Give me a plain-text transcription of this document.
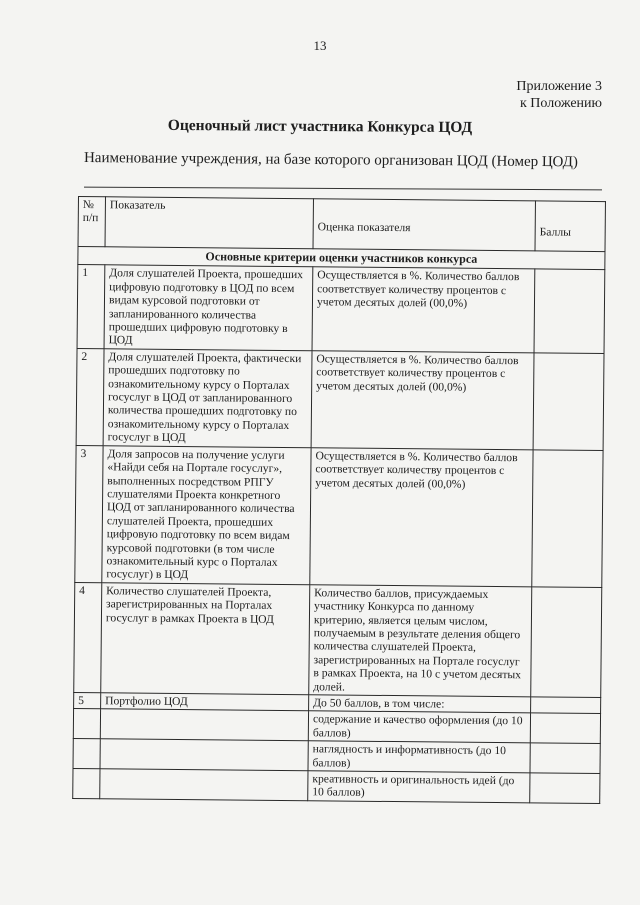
13
Приложение 3
к Положению
Оценочный лист участника Конкурса ЦОД
Наименование учреждения, на базе которого организован ЦОД (Номер ЦОД)
№ п/п	Показатель	Оценка показателя	Баллы
Основные критерии оценки участников конкурса			
1	Доля слушателей Проекта, прошедших цифровую подготовку в ЦОД по всем видам курсовой подготовки от запланированного количества прошедших цифровую подготовку в ЦОД	Осуществляется в %. Количество баллов соответствует количеству процентов с учетом десятых долей (00,0%)	
2	Доля слушателей Проекта, фактически прошедших подготовку по ознакомительному курсу о Порталах госуслуг в ЦОД от запланированного количества прошедших подготовку по ознакомительному курсу о Порталах госуслуг в ЦОД	Осуществляется в %. Количество баллов соответствует количеству процентов с учетом десятых долей (00,0%)	
3	Доля запросов на получение услуги «Найди себя на Портале госуслуг», выполненных посредством РПГУ слушателями Проекта конкретного ЦОД от запланированного количества слушателей Проекта, прошедших цифровую подготовку по всем видам курсовой подготовки (в том числе ознакомительный курс о Порталах госуслуг) в ЦОД	Осуществляется в %. Количество баллов соответствует количеству процентов с учетом десятых долей (00,0%)	
4	Количество слушателей Проекта, зарегистрированных на Порталах госуслуг в рамках Проекта в ЦОД	Количество баллов, присуждаемых участнику Конкурса по данному критерию, является целым числом, получаемым в результате деления общего количества слушателей Проекта, зарегистрированных на Портале госуслуг в рамках Проекта, на 10 с учетом десятых долей.	
5	Портфолио ЦОД	До 50 баллов, в том числе:	
		содержание и качество оформления (до 10 баллов)	
		наглядность и информативность (до 10 баллов)	
		креативность и оригинальность идей (до 10 баллов)	
